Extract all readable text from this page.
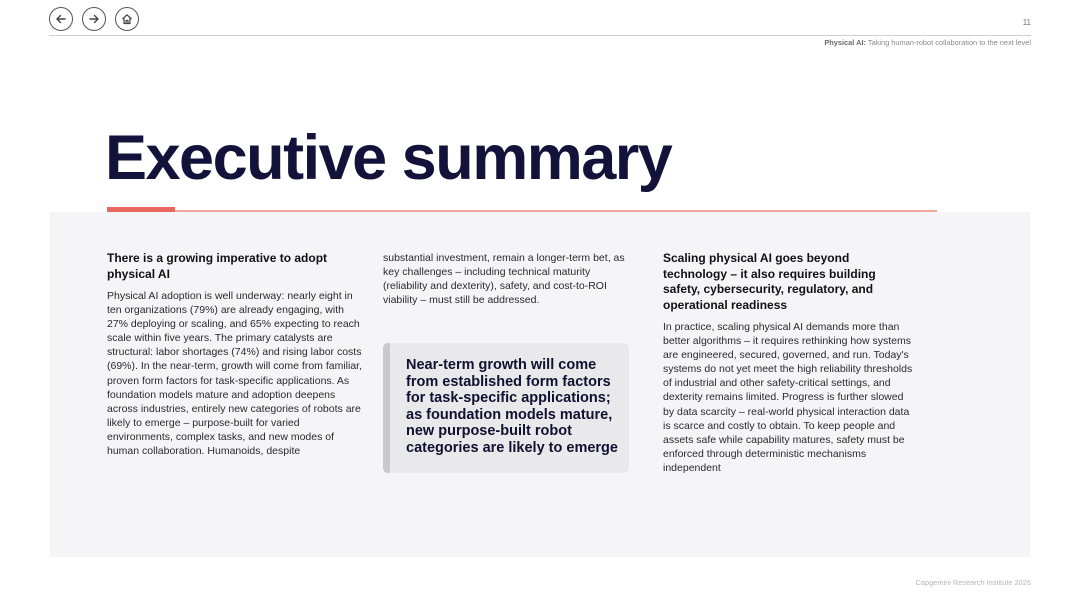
11
Physical AI: Taking human-robot collaboration to the next level
Executive summary
There is a growing imperative to adopt physical AI

Physical AI adoption is well underway: nearly eight in ten organizations (79%) are already engaging, with 27% deploying or scaling, and 65% expecting to reach scale within five years. The primary catalysts are structural: labor shortages (74%) and rising labor costs (69%). In the near-term, growth will come from familiar, proven form factors for task-specific applications. As foundation models mature and adoption deepens across industries, entirely new categories of robots are likely to emerge – purpose-built for varied environments, complex tasks, and new modes of human collaboration. Humanoids, despite

substantial investment, remain a longer-term bet, as key challenges – including technical maturity (reliability and dexterity), safety, and cost-to-ROI viability – must still be addressed.

Near-term growth will come from established form factors for task-specific applications; as foundation models mature, new purpose-built robot categories are likely to emerge
Scaling physical AI goes beyond technology – it also requires building safety, cybersecurity, regulatory, and operational readiness

In practice, scaling physical AI demands more than better algorithms – it requires rethinking how systems are engineered, secured, governed, and run. Today's systems do not yet meet the high reliability thresholds of industrial and other safety-critical settings, and dexterity remains limited. Progress is further slowed by data scarcity – real-world physical interaction data is scarce and costly to obtain. To keep people and assets safe while capability matures, safety must be enforced through deterministic mechanisms independent

Capgemini Research Institute 2026
